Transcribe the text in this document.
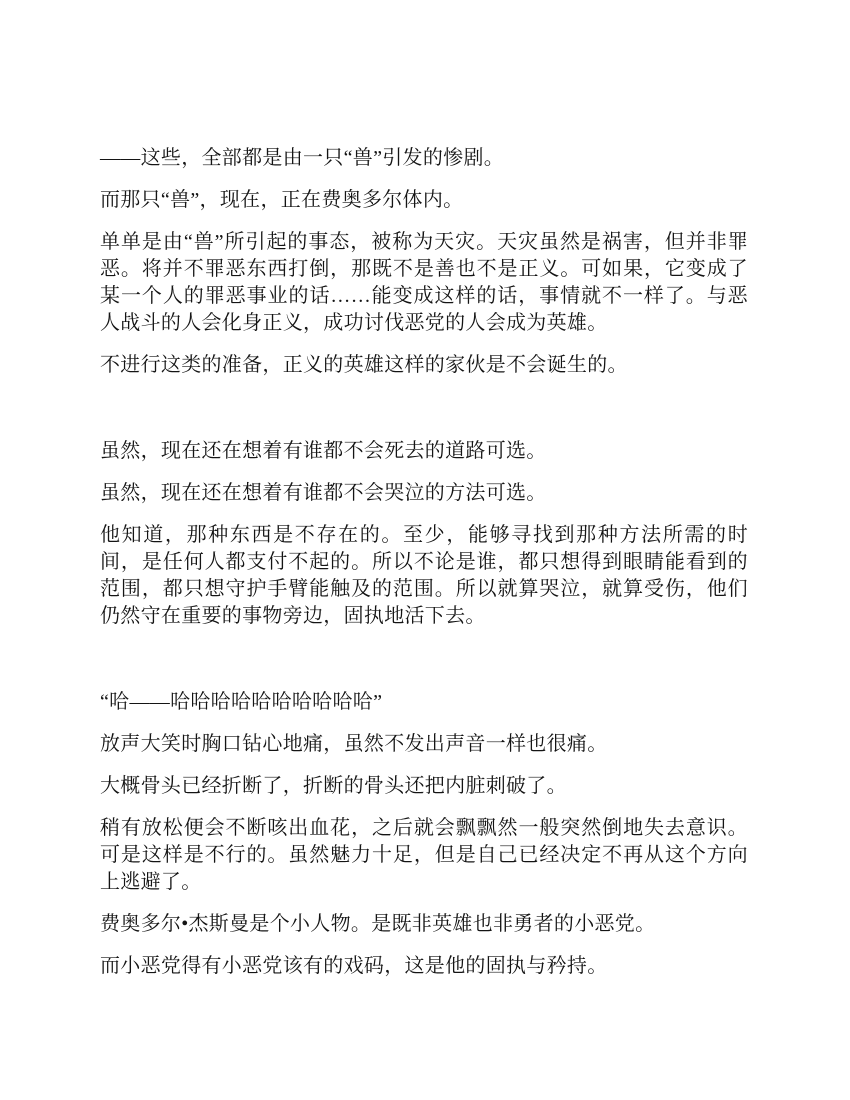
——这些，全部都是由一只“兽”引发的惨剧。

而那只“兽”，现在，正在费奥多尔体内。

单单是由“兽”所引起的事态，被称为天灾。天灾虽然是祸害，但并非罪恶。将并不罪恶东西打倒，那既不是善也不是正义。可如果，它变成了某一个人的罪恶事业的话……能变成这样的话，事情就不一样了。与恶人战斗的人会化身正义，成功讨伐恶党的人会成为英雄。

不进行这类的准备，正义的英雄这样的家伙是不会诞生的。

虽然，现在还在想着有谁都不会死去的道路可选。

虽然，现在还在想着有谁都不会哭泣的方法可选。

他知道，那种东西是不存在的。至少，能够寻找到那种方法所需的时间，是任何人都支付不起的。所以不论是谁，都只想得到眼睛能看到的范围，都只想守护手臂能触及的范围。所以就算哭泣，就算受伤，他们仍然守在重要的事物旁边，固执地活下去。

“哈——哈哈哈哈哈哈哈哈哈哈”

放声大笑时胸口钻心地痛，虽然不发出声音一样也很痛。

大概骨头已经折断了，折断的骨头还把内脏刺破了。

稍有放松便会不断咳出血花，之后就会飘飘然一般突然倒地失去意识。可是这样是不行的。虽然魅力十足，但是自己已经决定不再从这个方向上逃避了。

费奥多尔•杰斯曼是个小人物。是既非英雄也非勇者的小恶党。

而小恶党得有小恶党该有的戏码，这是他的固执与矜持。
